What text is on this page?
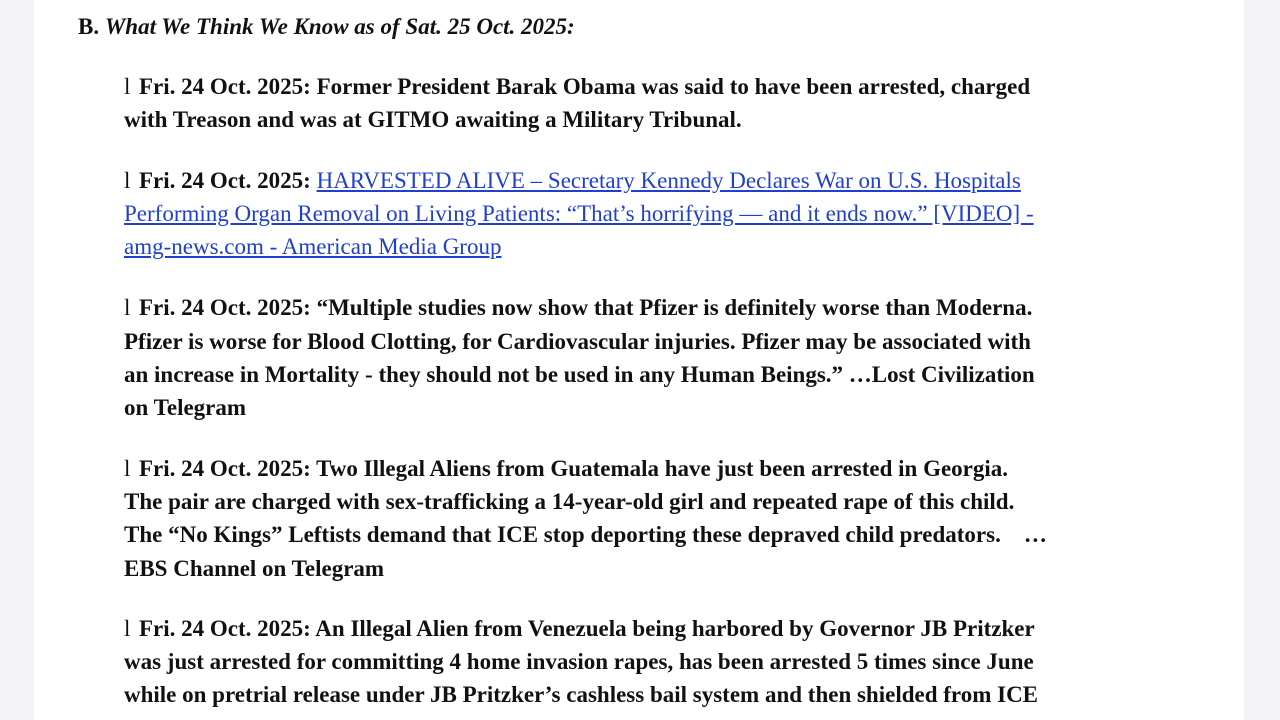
B. What We Think We Know as of Sat. 25 Oct. 2025:
l Fri. 24 Oct. 2025: Former President Barak Obama was said to have been arrested, charged
with Treason and was at GITMO awaiting a Military Tribunal.
l Fri. 24 Oct. 2025: HARVESTED ALIVE – Secretary Kennedy Declares War on U.S. Hospitals
Performing Organ Removal on Living Patients: “That’s horrifying — and it ends now.” [VIDEO] -
amg-news.com - American Media Group
l Fri. 24 Oct. 2025: “Multiple studies now show that Pfizer is definitely worse than Moderna.
Pfizer is worse for Blood Clotting, for Cardiovascular injuries. Pfizer may be associated with
an increase in Mortality - they should not be used in any Human Beings.” …Lost Civilization
on Telegram
l Fri. 24 Oct. 2025: Two Illegal Aliens from Guatemala have just been arrested in Georgia.
The pair are charged with sex-trafficking a 14-year-old girl and repeated rape of this child.
The “No Kings” Leftists demand that ICE stop deporting these depraved child predators.    …
EBS Channel on Telegram
l Fri. 24 Oct. 2025: An Illegal Alien from Venezuela being harbored by Governor JB Pritzker
was just arrested for committing 4 home invasion rapes, has been arrested 5 times since June
while on pretrial release under JB Pritzker’s cashless bail system and then shielded from ICE
